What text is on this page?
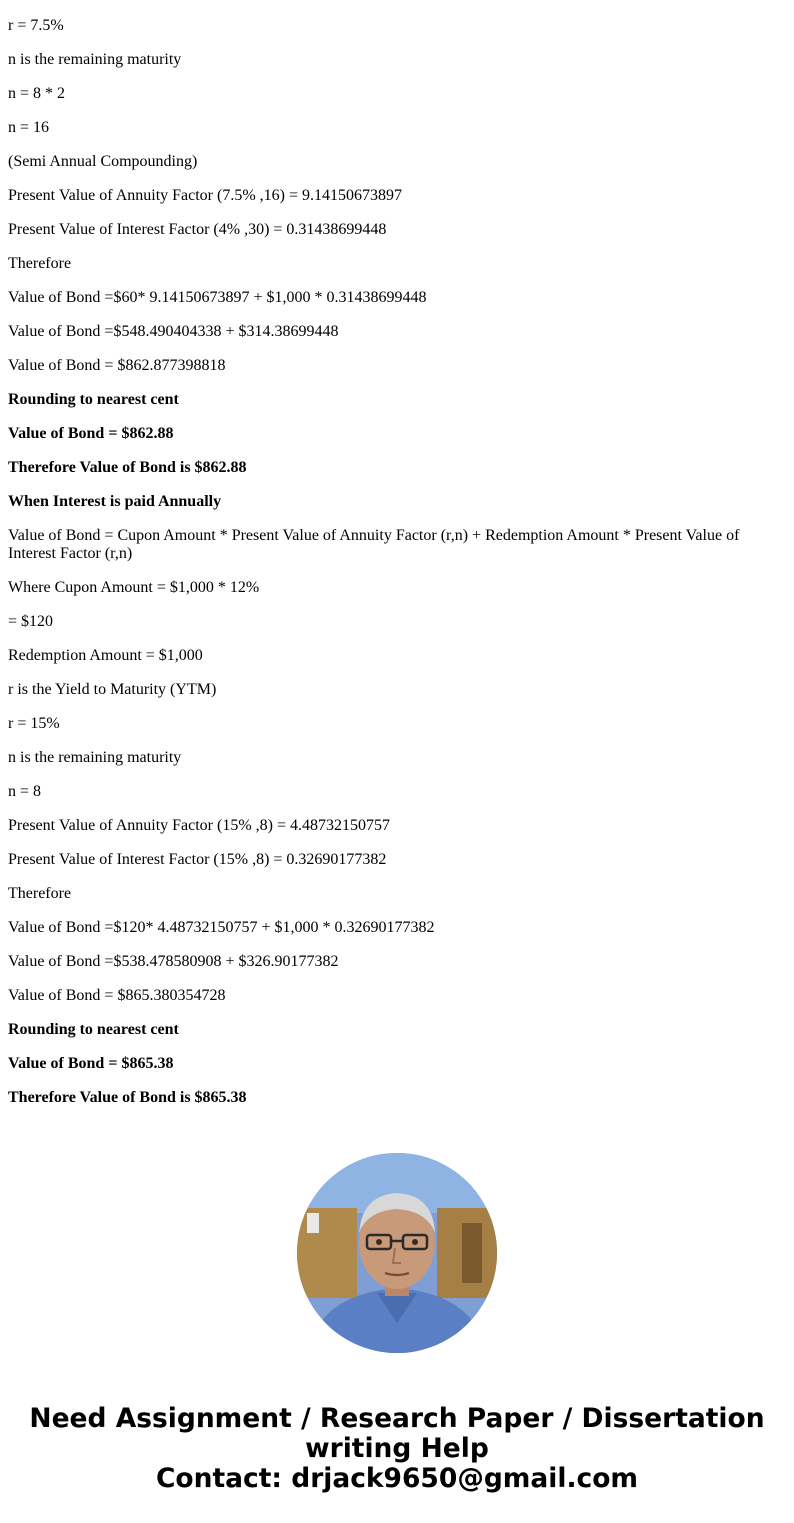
r = 7.5%

n is the remaining maturity

n = 8 * 2

n = 16

(Semi Annual Compounding)

Present Value of Annuity Factor (7.5% ,16) = 9.14150673897

Present Value of Interest Factor (4% ,30) = 0.31438699448

Therefore

Value of Bond =$60* 9.14150673897 + $1,000 * 0.31438699448

Value of Bond =$548.490404338 + $314.38699448

Value of Bond = $862.877398818

Rounding to nearest cent

Value of Bond = $862.88

Therefore Value of Bond is $862.88

When Interest is paid Annually

Value of Bond = Cupon Amount * Present Value of Annuity Factor (r,n) + Redemption Amount * Present Value of Interest Factor (r,n)

Where Cupon Amount = $1,000 * 12%

= $120

Redemption Amount = $1,000

r is the Yield to Maturity (YTM)

r = 15%

n is the remaining maturity

n = 8

Present Value of Annuity Factor (15% ,8) = 4.48732150757

Present Value of Interest Factor (15% ,8) = 0.32690177382

Therefore

Value of Bond =$120* 4.48732150757 + $1,000 * 0.32690177382

Value of Bond =$538.478580908 + $326.90177382

Value of Bond = $865.380354728

Rounding to nearest cent

Value of Bond = $865.38

Therefore Value of Bond is $865.38

Need Assignment / Research Paper / Dissertation
writing Help
Contact: drjack9650@gmail.com
